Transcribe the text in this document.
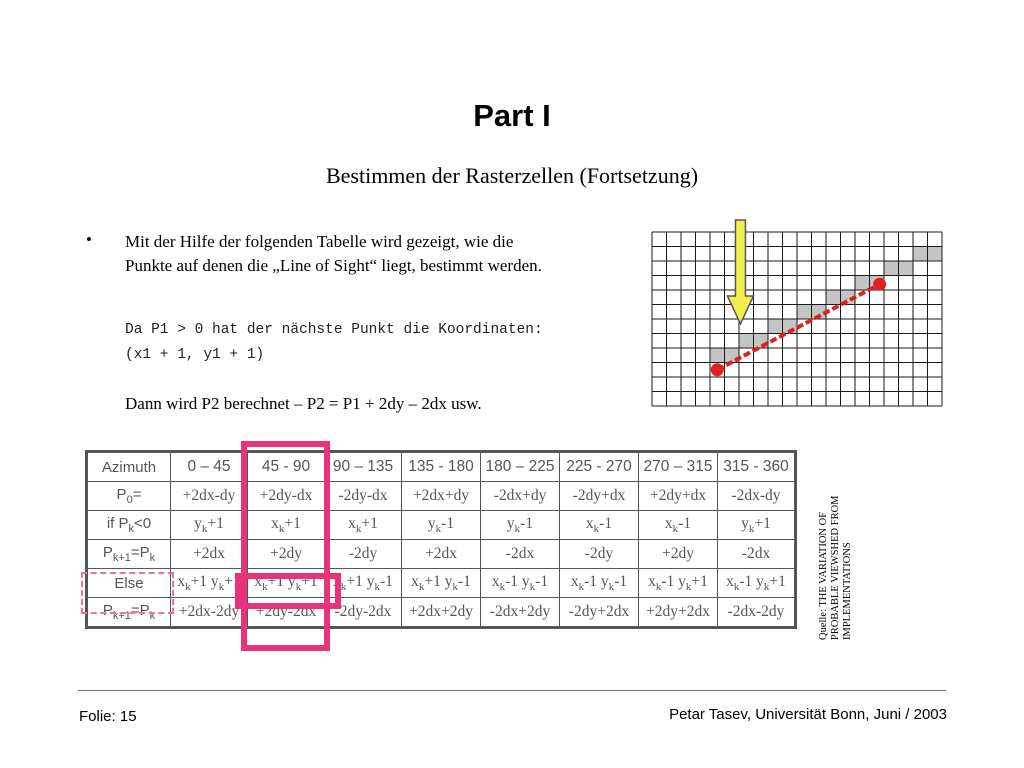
Part I
Bestimmen der Rasterzellen (Fortsetzung)
• Mit der Hilfe der folgenden Tabelle wird gezeigt, wie die Punkte auf denen die „Line of Sight“ liegt, bestimmt werden.
Da P1 > 0 hat der nächste Punkt die Koordinaten:
(x1 + 1, y1 + 1)
Dann wird P2 berechnet – P2 = P1 + 2dy – 2dx usw.
Azimuth	0 – 45	45 - 90	90 – 135	135 - 180	180 – 225	225 - 270	270 – 315	315 - 360
$P_0=$	+2dx-dy	+2dy-dx	-2dy-dx	+2dx+dy	-2dx+dy	-2dy+dx	+2dy+dx	-2dx-dy
if $P_k<0$	$y_k+1$	$x_k+1$	$x_k+1$	$y_k-1$	$y_k-1$	$x_k-1$	$x_k-1$	$y_k+1$
$P_{k+1}=P_k$	+2dx	+2dy	-2dy	+2dx	-2dx	-2dy	+2dy	-2dx
Else	$x_k+1$ $y_k+1$	$x_k+1$ $y_k+1$	$x_k+1$ $y_k-1$	$x_k+1$ $y_k-1$	$x_k-1$ $y_k-1$	$x_k-1$ $y_k-1$	$x_k-1$ $y_k+1$	$x_k-1$ $y_k+1$
$P_{k+1}=P_k$	+2dx-2dy	+2dy-2dx	-2dy-2dx	+2dx+2dy	-2dx+2dy	-2dy+2dx	+2dy+2dx	-2dx-2dy	Quelle: THE VARIATION OF PROBABLE VIEWSHED FROM IMPLEMENTATIONS
Folie: 15	Petar Tasev, Universität Bonn, Juni / 2003
